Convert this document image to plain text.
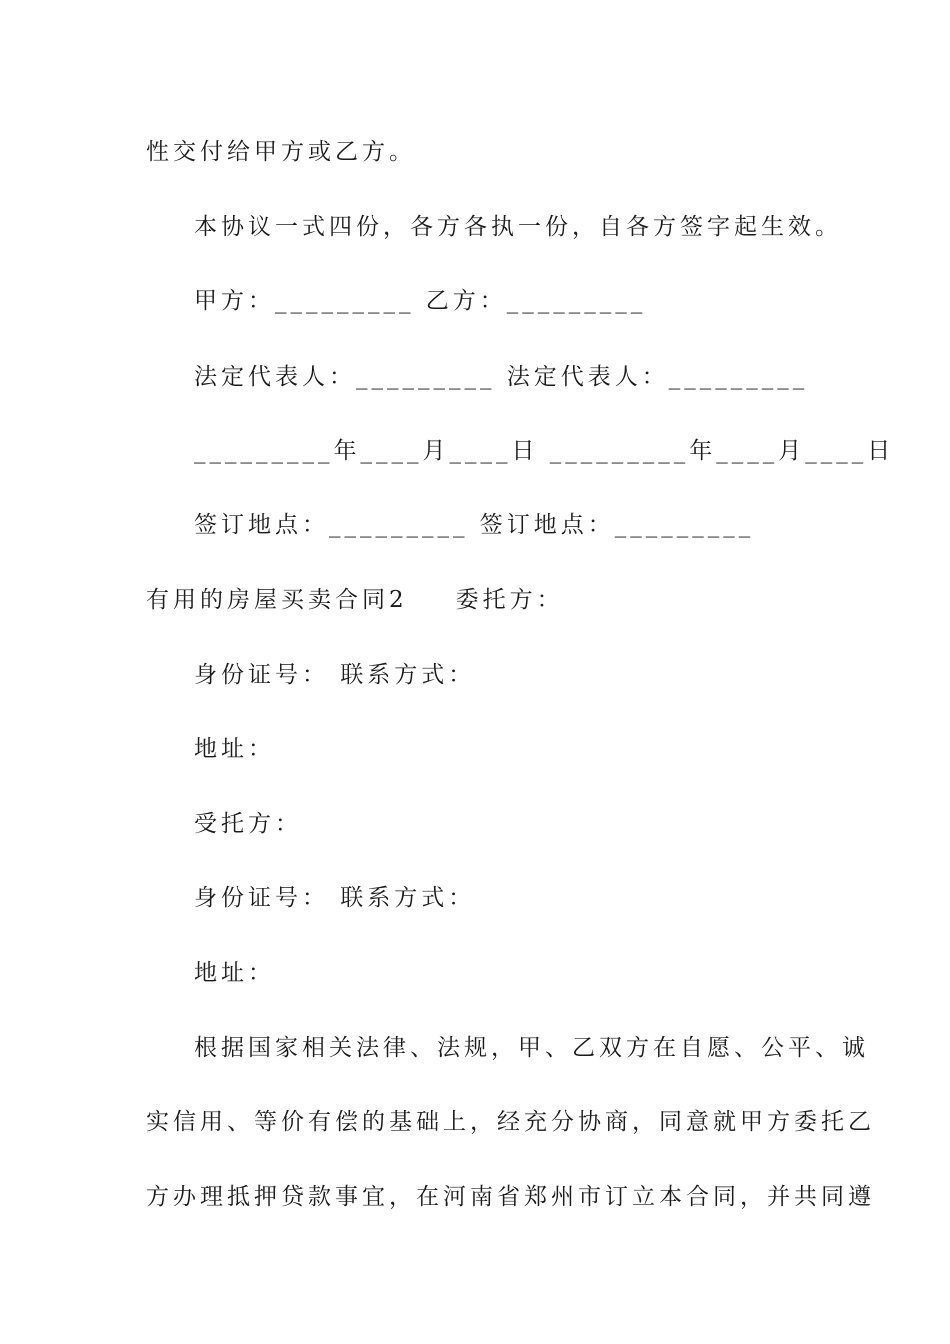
性交付给甲方或乙方。
本协议一式四份，各方各执一份，自各方签字起生效。
甲方：_________ 乙方：_________
法定代表人：_________ 法定代表人：_________
_________年____月____日 _________年____月____日
签订地点：_________ 签订地点：_________
有用的房屋买卖合同2 委托方：
身份证号： 联系方式：
地址：
受托方：
身份证号： 联系方式：
地址：
根据国家相关法律、法规，甲、乙双方在自愿、公平、诚
实信用、等价有偿的基础上，经充分协商，同意就甲方委托乙
方办理抵押贷款事宜，在河南省郑州市订立本合同，并共同遵
